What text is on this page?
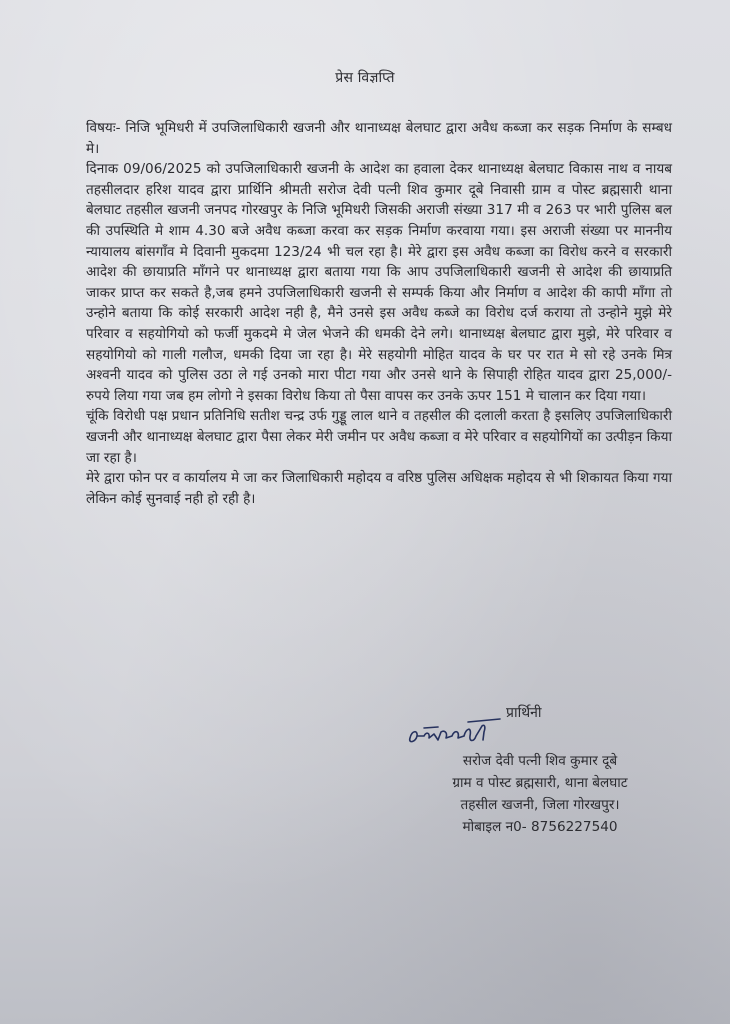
प्रेस विज्ञप्ति

विषयः- निजि भूमिधरी में उपजिलाधिकारी खजनी और थानाध्यक्ष बेलघाट द्वारा अवैध कब्जा कर सड़क निर्माण के सम्बध मे।

दिनाक 09/06/2025 को उपजिलाधिकारी खजनी के आदेश का हवाला देकर थानाध्यक्ष बेलघाट विकास नाथ व नायब तहसीलदार हरिश यादव द्वारा प्रार्थिनि श्रीमती सरोज देवी पत्नी शिव कुमार दूबे निवासी ग्राम व पोस्ट ब्रह्मसारी थाना बेलघाट तहसील खजनी जनपद गोरखपुर के निजि भूमिधरी जिसकी अराजी संख्या 317 मी व 263 पर भारी पुलिस बल की उपस्थिति मे शाम 4.30 बजे अवैध कब्जा करवा कर सड़क निर्माण करवाया गया। इस अराजी संख्या पर माननीय न्यायालय बांसगाँव मे दिवानी मुकदमा 123/24 भी चल रहा है। मेरे द्वारा इस अवैध कब्जा का विरोध करने व सरकारी आदेश की छायाप्रति माँगने पर थानाध्यक्ष द्वारा बताया गया कि आप उपजिलाधिकारी खजनी से आदेश की छायाप्रति जाकर प्राप्त कर सकते है,जब हमने उपजिलाधिकारी खजनी से सम्पर्क किया और निर्माण व आदेश की कापी माँगा तो उन्होने बताया कि कोई सरकारी आदेश नही है, मैने उनसे इस अवैध कब्जे का विरोध दर्ज कराया तो उन्होने मुझे मेरे परिवार व सहयोगियो को फर्जी मुकदमे मे जेल भेजने की धमकी देने लगे। थानाध्यक्ष बेलघाट द्वारा मुझे, मेरे परिवार व सहयोगियो को गाली गलौज, धमकी दिया जा रहा है। मेरे सहयोगी मोहित यादव के घर पर रात मे सो रहे उनके मित्र अश्वनी यादव को पुलिस उठा ले गई उनको मारा पीटा गया और उनसे थाने के सिपाही रोहित यादव द्वारा 25,000/- रुपये लिया गया जब हम लोगो ने इसका विरोध किया तो पैसा वापस कर उनके ऊपर 151 मे चालान कर दिया गया।

चूंकि विरोधी पक्ष प्रधान प्रतिनिधि सतीश चन्द्र उर्फ गुड्डू लाल थाने व तहसील की दलाली करता है इसलिए उपजिलाधिकारी खजनी और थानाध्यक्ष बेलघाट द्वारा पैसा लेकर मेरी जमीन पर अवैध कब्जा व मेरे परिवार व सहयोगियों का उत्पीड़न किया जा रहा है।

मेरे द्वारा फोन पर व कार्यालय मे जा कर जिलाधिकारी महोदय व वरिष्ठ पुलिस अधिक्षक महोदय से भी शिकायत किया गया लेकिन कोई सुनवाई नही हो रही है।

प्रार्थिनी
सरोज देवी पत्नी शिव कुमार दूबे
ग्राम व पोस्ट ब्रह्मसारी, थाना बेलघाट
तहसील खजनी, जिला गोरखपुर।
मोबाइल न0- 8756227540
